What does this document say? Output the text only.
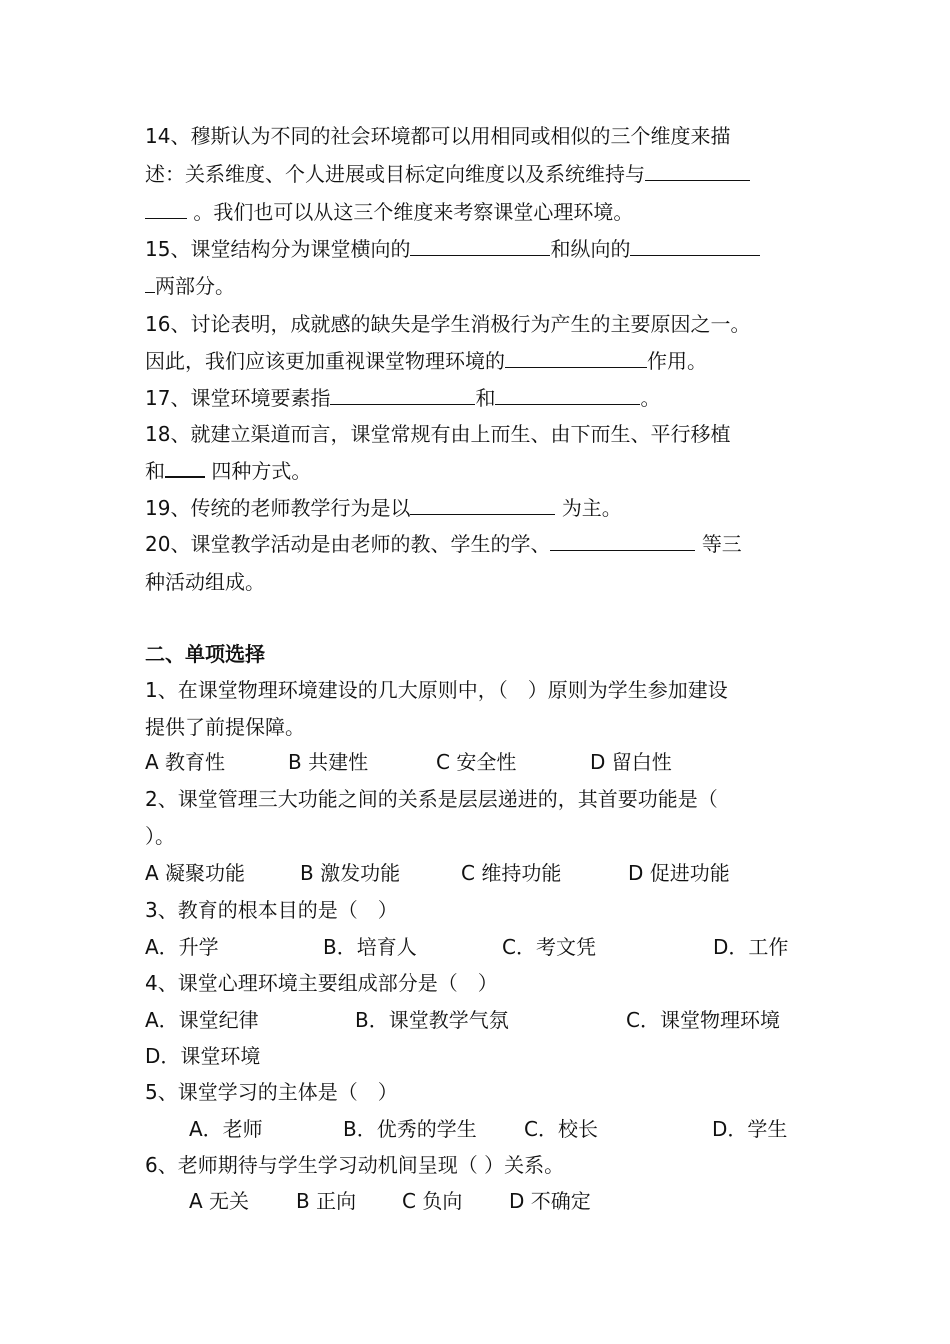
14、穆斯认为不同的社会环境都可以用相同或相似的三个维度来描
述：关系维度、个人进展或目标定向维度以及系统维持与
。我们也可以从这三个维度来考察课堂心理环境。
15、课堂结构分为课堂横向的	和纵向的
两部分。
16、讨论表明，成就感的缺失是学生消极行为产生的主要原因之一。
因此，我们应该更加重视课堂物理环境的	作用。
17、课堂环境要素指	和	。
18、就建立渠道而言，课堂常规有由上而生、由下而生、平行移植
和 四种方式。
19、传统的老师教学行为是以	为主。
20、课堂教学活动是由老师的教、学生的学、	等三
种活动组成。
二、单项选择
1、在课堂物理环境建设的几大原则中，（　）原则为学生参加建设
提供了前提保障。
A 教育性	B 共建性	C 安全性	D 留白性
2、课堂管理三大功能之间的关系是层层递进的，其首要功能是（
）。
A 凝聚功能	B 激发功能	C 维持功能	D 促进功能
3、教育的根本目的是（　）
A．升学	B．培育人	C．考文凭	D．工作
4、课堂心理环境主要组成部分是（　）
A．课堂纪律	B．课堂教学气氛	C．课堂物理环境
D．课堂环境
5、课堂学习的主体是（　）
A．老师	B．优秀的学生 C．校长	D．学生
6、老师期待与学生学习动机间呈现（ ）关系。
A 无关 B 正向 C 负向 D 不确定
